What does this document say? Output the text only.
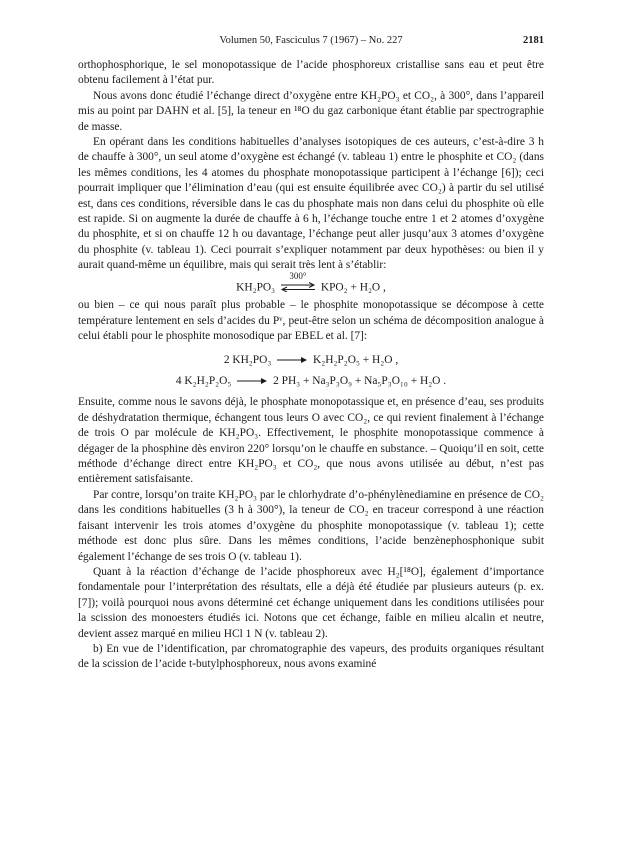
Volumen 50, Fasciculus 7 (1967) – No. 227	2181

orthophosphorique, le sel monopotassique de l’acide phosphoreux cristallise sans eau et peut être obtenu facilement à l’état pur.

Nous avons donc étudié l’échange direct d’oxygène entre KH₂PO₃ et CO₂, à 300°, dans l’appareil mis au point par DAHN et al. [5], la teneur en ¹⁸O du gaz carbonique étant établie par spectrographie de masse.

En opérant dans les conditions habituelles d’analyses isotopiques de ces auteurs, c’est-à-dire 3 h de chauffe à 300°, un seul atome d’oxygène est échangé (v. tableau 1) entre le phosphite et CO₂ (dans les mêmes conditions, les 4 atomes du phosphate monopotassique participent à l’échange [6]); ceci pourrait impliquer que l’élimination d’eau (qui est ensuite équilibrée avec CO₂) à partir du sel utilisé est, dans ces conditions, réversible dans le cas du phosphate mais non dans celui du phosphite où elle est rapide. Si on augmente la durée de chauffe à 6 h, l’échange touche entre 1 et 2 atomes d’oxygène du phosphite, et si on chauffe 12 h ou davantage, l’échange peut aller jusqu’aux 3 atomes d’oxygène du phosphite (v. tableau 1). Ceci pourrait s’expliquer notamment par deux hypothèses: ou bien il y aurait quand-même un équilibre, mais qui serait très lent à s’établir:

KH₂PO₃
300°
KPO₂ + H₂O ,

ou bien – ce qui nous paraît plus probable – le phosphite monopotassique se décompose à cette température lentement en sels d’acides du Pᵛ, peut-être selon un schéma de décomposition analogue à celui établi pour le phosphite monosodique par EBEL et al. [7]:

2 KH₂PO₃	K₂H₂P₂O₅ + H₂O ,
4 K₂H₂P₂O₅	2 PH₃ + Na₃P₃O₉ + Na₅P₃O₁₀ + H₂O .

Ensuite, comme nous le savons déjà, le phosphate monopotassique et, en présence d’eau, ses produits de déshydratation thermique, échangent tous leurs O avec CO₂, ce qui revient finalement à l’échange de trois O par molécule de KH₂PO₃. Effectivement, le phosphite monopotassique commence à dégager de la phosphine dès environ 220° lorsqu’on le chauffe en substance. – Quoiqu’il en soit, cette méthode d’échange direct entre KH₂PO₃ et CO₂, que nous avons utilisée au début, n’est pas entièrement satisfaisante.

Par contre, lorsqu’on traite KH₂PO₃ par le chlorhydrate d’o-phénylènediamine en présence de CO₂ dans les conditions habituelles (3 h à 300°), la teneur de CO₂ en traceur correspond à une réaction faisant intervenir les trois atomes d’oxygène du phosphite monopotassique (v. tableau 1); cette méthode est donc plus sûre. Dans les mêmes conditions, l’acide benzènephosphonique subit également l’échange de ses trois O (v. tableau 1).

Quant à la réaction d’échange de l’acide phosphoreux avec H₂[¹⁸O], également d’importance fondamentale pour l’interprétation des résultats, elle a déjà été étudiée par plusieurs auteurs (p. ex. [7]); voilà pourquoi nous avons déterminé cet échange uniquement dans les conditions utilisées pour la scission des monoesters étudiés ici. Notons que cet échange, faible en milieu alcalin et neutre, devient assez marqué en milieu HCl 1 N (v. tableau 2).

b) En vue de l’identification, par chromatographie des vapeurs, des produits organiques résultant de la scission de l’acide t-butylphosphoreux, nous avons examiné
